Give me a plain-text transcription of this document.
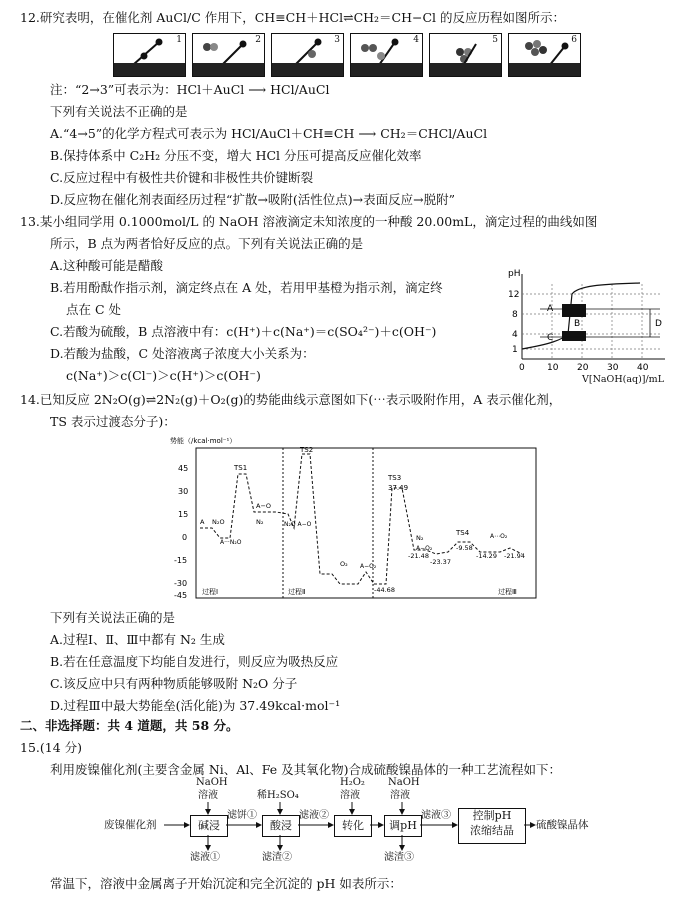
12.研究表明，在催化剂 AuCl/C 作用下，CH≡CH＋HCl⇌CH₂＝CH−Cl 的反应历程如图所示：
1	2	3	4	5	6
注：“2→3”可表示为：HCl＋AuCl ⟶ HCl/AuCl
下列有关说法不正确的是
A.“4→5”的化学方程式可表示为 HCl/AuCl＋CH≡CH ⟶ CH₂＝CHCl/AuCl
B.保持体系中 C₂H₂ 分压不变，增大 HCl 分压可提高反应催化效率
C.反应过程中有极性共价键和非极性共价键断裂
D.反应物在催化剂表面经历过程“扩散→吸附(活性位点)→表面反应→脱附”
13.某小组同学用 0.1000mol/L 的 NaOH 溶液滴定未知浓度的一种酸 20.00mL，滴定过程的曲线如图
所示，B 点为两者恰好反应的点。下列有关说法正确的是
A.这种酸可能是醋酸
B.若用酚酞作指示剂，滴定终点在 A 处，若用甲基橙为指示剂，滴定终
点在 C 处
C.若酸为硫酸，B 点溶液中有：c(H⁺)＋c(Na⁺)＝c(SO₄²⁻)＋c(OH⁻)
D.若酸为盐酸，C 处溶液离子浓度大小关系为：
c(Na⁺)＞c(Cl⁻)＞c(H⁺)＞c(OH⁻)
pH
12
8
4
1
0 10 20 30 40
A
B
C
D
V[NaOH(aq)]/mL
14.已知反应 2N₂O(g)⇌2N₂(g)＋O₂(g)的势能曲线示意图如下(⋯表示吸附作用，A 表示催化剂，
TS 表示过渡态分子)：
势能（/kcal·mol⁻¹）
45
30
15
0
-15
-30
-45
TS1
TS2
TS3
TS4
37.49
-21.48
-23.37
-9.58
-14.29 -21.94
-44.68
A N₂O
A···N₂O
A−O
N₂	N₂O A−O
A−O₂
O₂
N₂
A−O₂
A⋯O₂
过程Ⅰ	过程Ⅱ	过程Ⅲ
下列有关说法正确的是
A.过程Ⅰ、Ⅱ、Ⅲ中都有 N₂ 生成
B.若在任意温度下均能自发进行，则反应为吸热反应
C.该反应中只有两种物质能够吸附 N₂O 分子
D.过程Ⅲ中最大势能垒(活化能)为 37.49kcal·mol⁻¹
二、非选择题：共 4 道题，共 58 分。
15.(14 分)
利用废镍催化剂(主要含金属 Ni、Al、Fe 及其氧化物)合成硫酸镍晶体的一种工艺流程如下：
废镍催化剂	碱浸	酸浸	转化	调pH
控制pH
浓缩结晶	硫酸镍晶体
NaOH
溶液	稀H₂SO₄
H₂O₂
溶液
NaOH
溶液
滤饼①	滤液②	滤液③
滤液①	滤渣②	滤渣③
常温下，溶液中金属离子开始沉淀和完全沉淀的 pH 如表所示：
